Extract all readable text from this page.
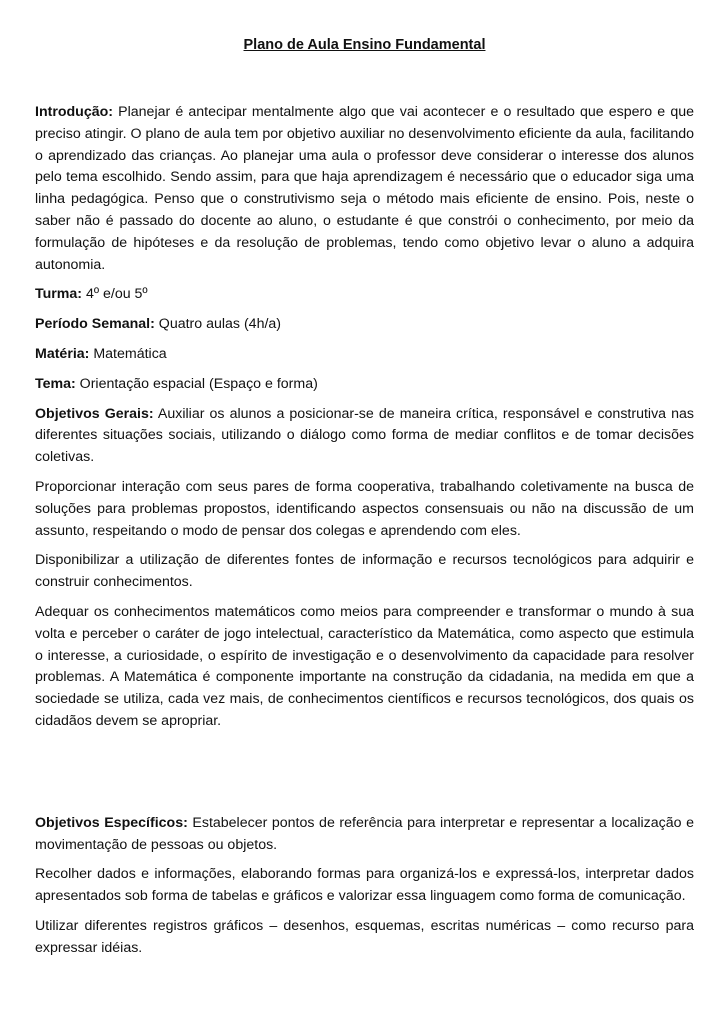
Plano de Aula Ensino Fundamental

Introdução: Planejar é antecipar mentalmente algo que vai acontecer e o resultado que espero e que preciso atingir. O plano de aula tem por objetivo auxiliar no desenvolvimento eficiente da aula, facilitando o aprendizado das crianças. Ao planejar uma aula o professor deve considerar o interesse dos alunos pelo tema escolhido. Sendo assim, para que haja aprendizagem é necessário que o educador siga uma linha pedagógica. Penso que o construtivismo seja o método mais eficiente de ensino. Pois, neste o saber não é passado do docente ao aluno, o estudante é que constrói o conhecimento, por meio da formulação de hipóteses e da resolução de problemas, tendo como objetivo levar o aluno a adquira autonomia.

Turma: 4º e/ou 5º

Período Semanal: Quatro aulas (4h/a)

Matéria: Matemática

Tema: Orientação espacial (Espaço e forma)

Objetivos Gerais: Auxiliar os alunos a posicionar-se de maneira crítica, responsável e construtiva nas diferentes situações sociais, utilizando o diálogo como forma de mediar conflitos e de tomar decisões coletivas.

Proporcionar interação com seus pares de forma cooperativa, trabalhando coletivamente na busca de soluções para problemas propostos, identificando aspectos consensuais ou não na discussão de um assunto, respeitando o modo de pensar dos colegas e aprendendo com eles.

Disponibilizar a utilização de diferentes fontes de informação e recursos tecnológicos para adquirir e construir conhecimentos.

Adequar os conhecimentos matemáticos como meios para compreender e transformar o mundo à sua volta e perceber o caráter de jogo intelectual, característico da Matemática, como aspecto que estimula o interesse, a curiosidade, o espírito de investigação e o desenvolvimento da capacidade para resolver problemas. A Matemática é componente importante na construção da cidadania, na medida em que a sociedade se utiliza, cada vez mais, de conhecimentos científicos e recursos tecnológicos, dos quais os cidadãos devem se apropriar.

Objetivos Específicos: Estabelecer pontos de referência para interpretar e representar a localização e movimentação de pessoas ou objetos.

Recolher dados e informações, elaborando formas para organizá-los e expressá-los, interpretar dados apresentados sob forma de tabelas e gráficos e valorizar essa linguagem como forma de comunicação.

Utilizar diferentes registros gráficos – desenhos, esquemas, escritas numéricas – como recurso para expressar idéias.
